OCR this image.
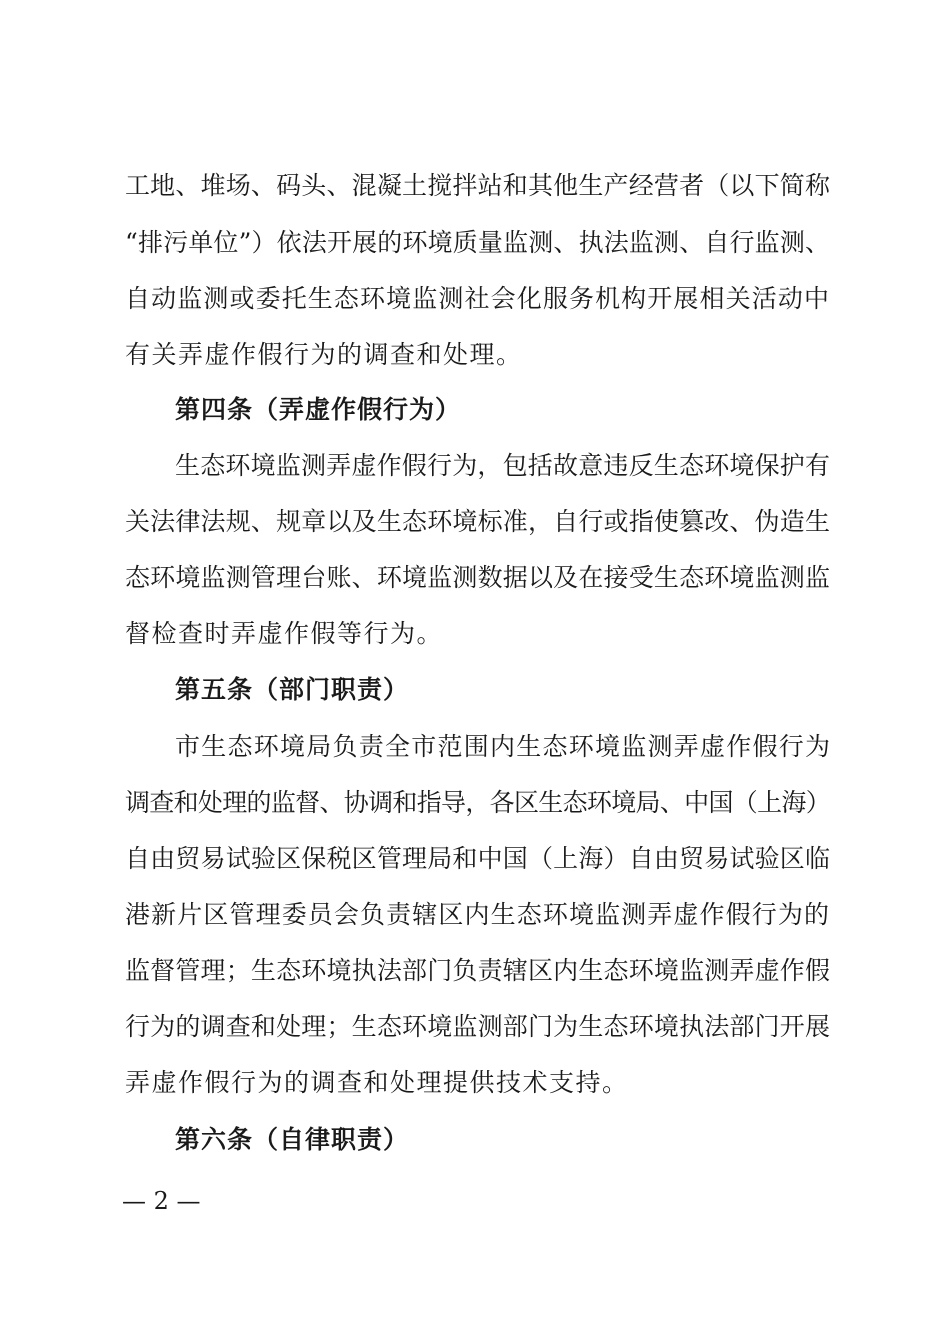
工地、堆场、码头、混凝土搅拌站和其他生产经营者（以下简称
“排污单位”）依法开展的环境质量监测、执法监测、自行监测、
自动监测或委托生态环境监测社会化服务机构开展相关活动中
有关弄虚作假行为的调查和处理。
第四条（弄虚作假行为）
生态环境监测弄虚作假行为，包括故意违反生态环境保护有
关法律法规、规章以及生态环境标准，自行或指使篡改、伪造生
态环境监测管理台账、环境监测数据以及在接受生态环境监测监
督检查时弄虚作假等行为。
第五条（部门职责）
市生态环境局负责全市范围内生态环境监测弄虚作假行为
调查和处理的监督、协调和指导，各区生态环境局、中国（上海）
自由贸易试验区保税区管理局和中国（上海）自由贸易试验区临
港新片区管理委员会负责辖区内生态环境监测弄虚作假行为的
监督管理；生态环境执法部门负责辖区内生态环境监测弄虚作假
行为的调查和处理；生态环境监测部门为生态环境执法部门开展
弄虚作假行为的调查和处理提供技术支持。
第六条（自律职责）
— 2 —
